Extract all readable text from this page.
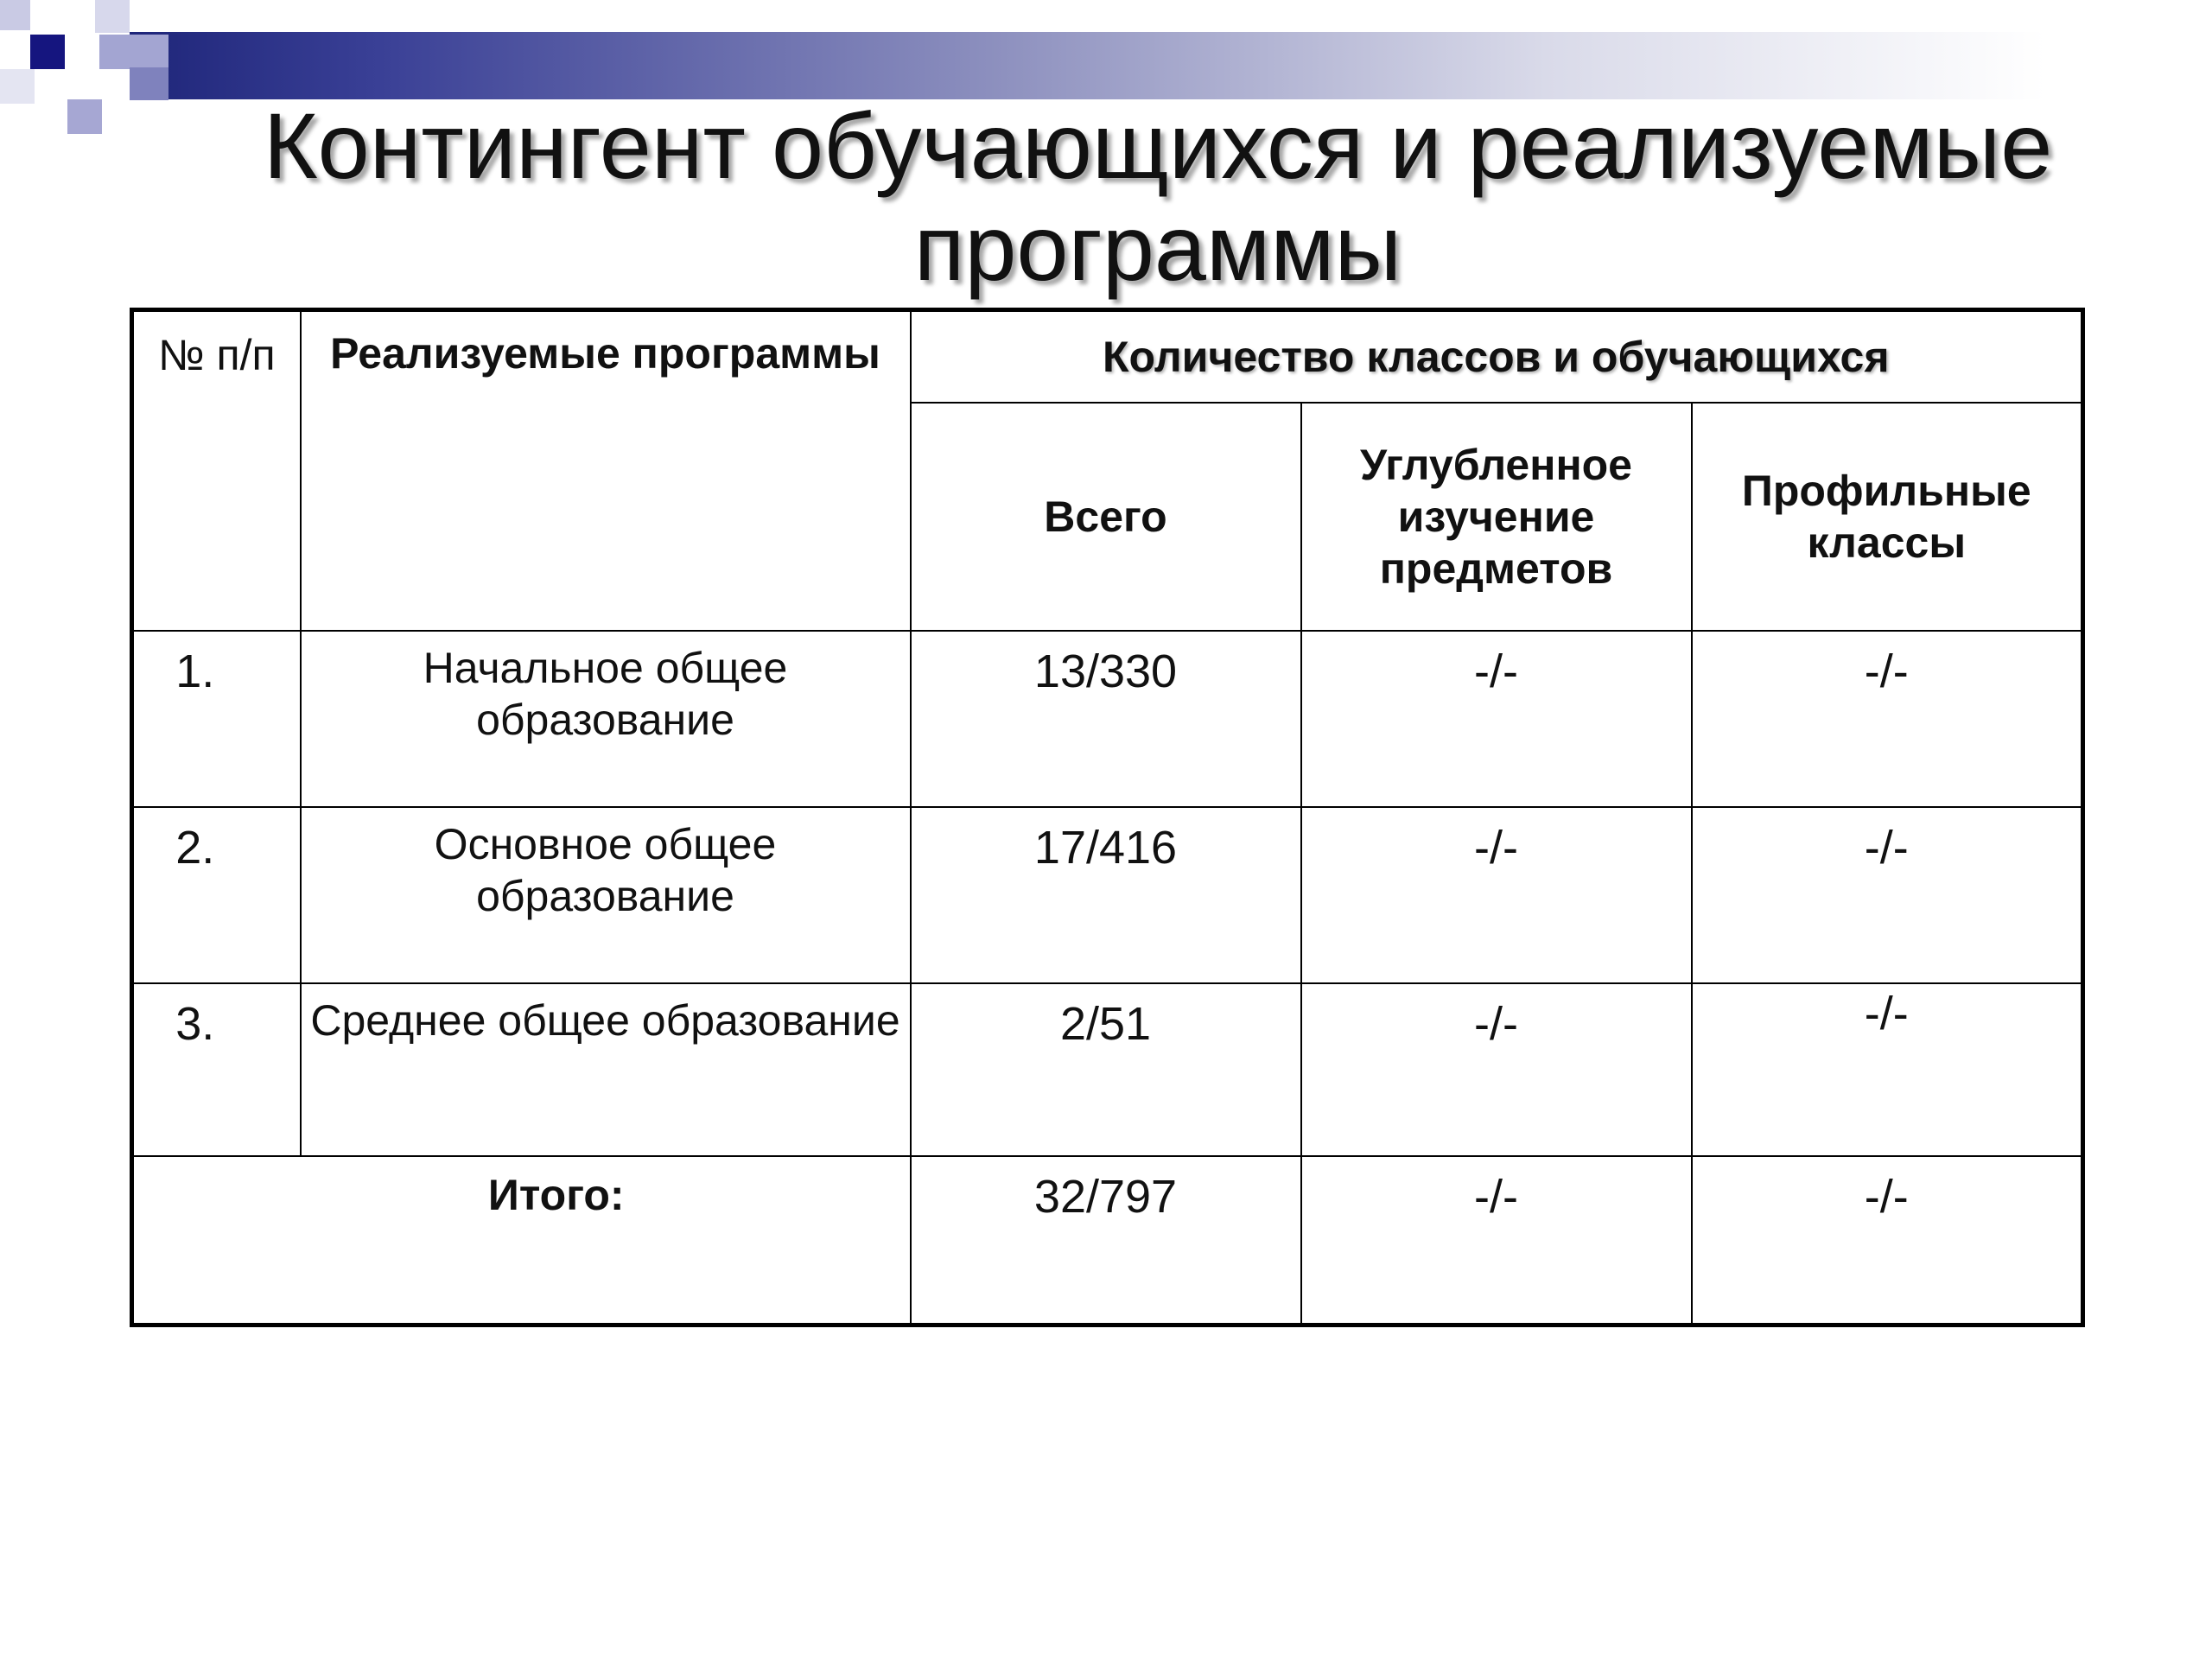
Контингент обучающихся и реализуемые
программы
№ п/п	Реализуемые программы	Количество классов и обучающихся		
		Всего	Углубленное изучение предметов	Профильные классы
1.	Начальное общее образование	13/330	-/-	-/-
2.	Основное общее образование	17/416	-/-	-/-
3.	Среднее общее образование	2/51	-/-	-/-
Итого:		32/797	-/-	-/-
